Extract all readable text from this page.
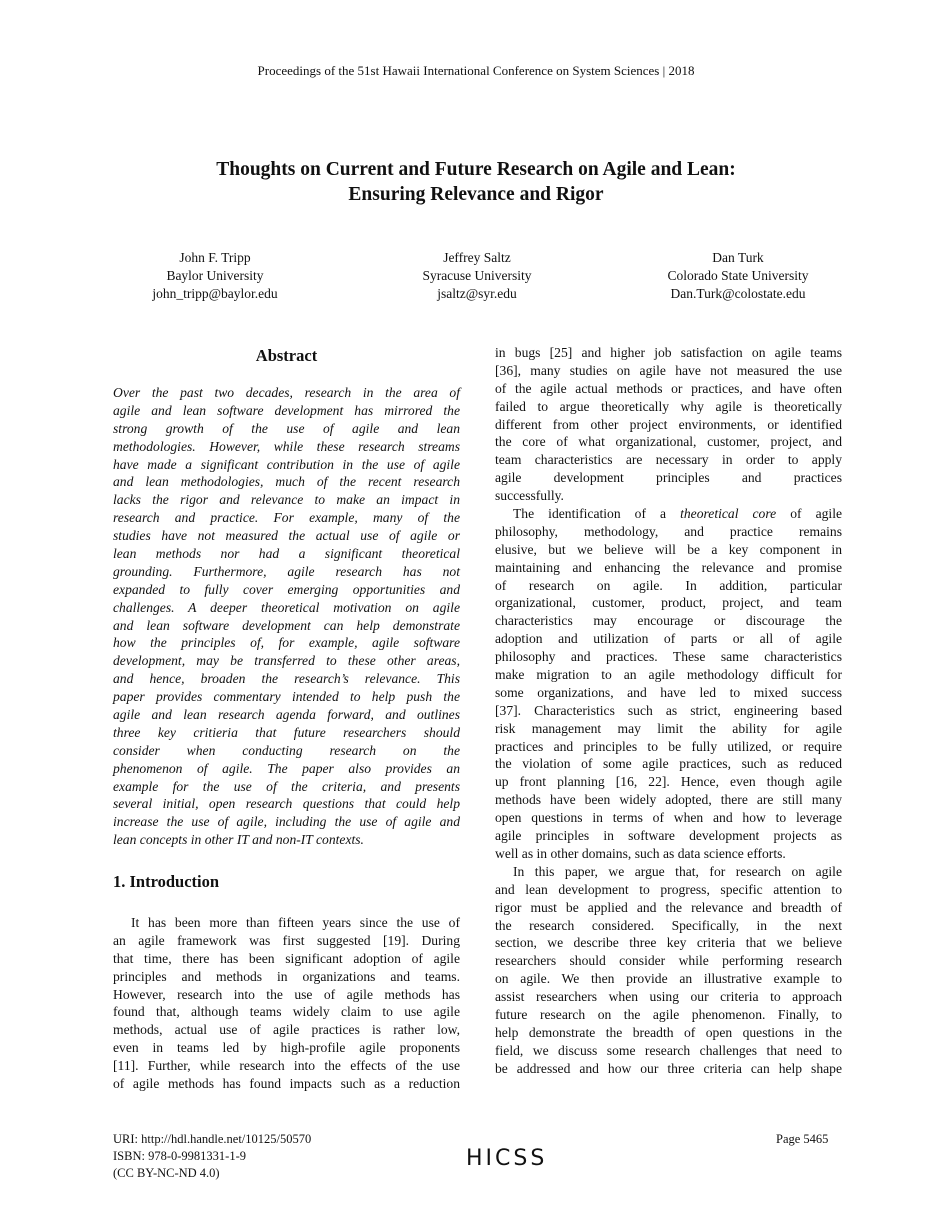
Proceedings of the 51st Hawaii International Conference on System Sciences | 2018
Thoughts on Current and Future Research on Agile and Lean:
Ensuring Relevance and Rigor
John F. Tripp
Baylor University
john_tripp@baylor.edu
Jeffrey Saltz
Syracuse University
jsaltz@syr.edu
Dan Turk
Colorado State University
Dan.Turk@colostate.edu
Abstract
Over the past two decades, research in the area of
agile and lean software development has mirrored the
strong growth of the use of agile and lean
methodologies. However, while these research streams
have made a significant contribution in the use of agile
and lean methodologies, much of the recent research
lacks the rigor and relevance to make an impact in
research and practice. For example, many of the
studies have not measured the actual use of agile or
lean methods nor had a significant theoretical
grounding. Furthermore, agile research has not
expanded to fully cover emerging opportunities and
challenges. A deeper theoretical motivation on agile
and lean software development can help demonstrate
how the principles of, for example, agile software
development, may be transferred to these other areas,
and hence, broaden the research’s relevance. This
paper provides commentary intended to help push the
agile and lean research agenda forward, and outlines
three key critieria that future researchers should
consider when conducting research on the
phenomenon of agile. The paper also provides an
example for the use of the criteria, and presents
several initial, open research questions that could help
increase the use of agile, including the use of agile and
lean concepts in other IT and non-IT contexts.
1. Introduction
It has been more than fifteen years since the use of
an agile framework was first suggested [19]. During
that time, there has been significant adoption of agile
principles and methods in organizations and teams.
However, research into the use of agile methods has
found that, although teams widely claim to use agile
methods, actual use of agile practices is rather low,
even in teams led by high-profile agile proponents
[11]. Further, while research into the effects of the use
of agile methods has found impacts such as a reduction
in bugs [25] and higher job satisfaction on agile teams
[36], many studies on agile have not measured the use
of the agile actual methods or practices, and have often
failed to argue theoretically why agile is theoretically
different from other project environments, or identified
the core of what organizational, customer, project, and
team characteristics are necessary in order to apply
agile development principles and practices
successfully.
The identification of a theoretical core of agile
philosophy, methodology, and practice remains
elusive, but we believe will be a key component in
maintaining and enhancing the relevance and promise
of research on agile. In addition, particular
organizational, customer, product, project, and team
characteristics may encourage or discourage the
adoption and utilization of parts or all of agile
philosophy and practices. These same characteristics
make migration to an agile methodology difficult for
some organizations, and have led to mixed success
[37]. Characteristics such as strict, engineering based
risk management may limit the ability for agile
practices and principles to be fully utilized, or require
the violation of some agile practices, such as reduced
up front planning [16, 22]. Hence, even though agile
methods have been widely adopted, there are still many
open questions in terms of when and how to leverage
agile principles in software development projects as
well as in other domains, such as data science efforts.
In this paper, we argue that, for research on agile
and lean development to progress, specific attention to
rigor must be applied and the relevance and breadth of
the research considered. Specifically, in the next
section, we describe three key criteria that we believe
researchers should consider while performing research
on agile. We then provide an illustrative example to
assist researchers when using our criteria to approach
future research on the agile phenomenon. Finally, to
help demonstrate the breadth of open questions in the
field, we discuss some research challenges that need to
be addressed and how our three criteria can help shape
URI: http://hdl.handle.net/10125/50570
ISBN: 978-0-9981331-1-9
(CC BY-NC-ND 4.0)
HICSS
Page 5465
